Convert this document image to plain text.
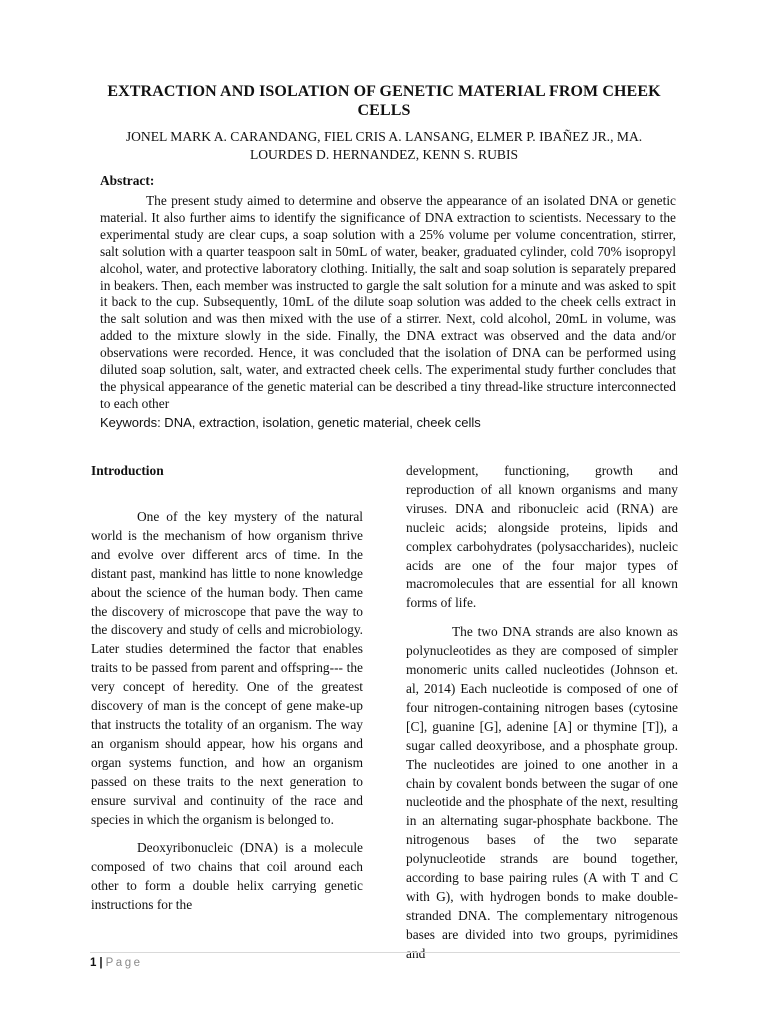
EXTRACTION AND ISOLATION OF GENETIC MATERIAL FROM CHEEK CELLS
JONEL MARK A. CARANDANG, FIEL CRIS A. LANSANG, ELMER P. IBAÑEZ JR., MA. LOURDES D. HERNANDEZ, KENN S. RUBIS
Abstract:

The present study aimed to determine and observe the appearance of an isolated DNA or genetic material. It also further aims to identify the significance of DNA extraction to scientists. Necessary to the experimental study are clear cups, a soap solution with a 25% volume per volume concentration, stirrer, salt solution with a quarter teaspoon salt in 50mL of water, beaker, graduated cylinder, cold 70% isopropyl alcohol, water, and protective laboratory clothing. Initially, the salt and soap solution is separately prepared in beakers. Then, each member was instructed to gargle the salt solution for a minute and was asked to spit it back to the cup. Subsequently, 10mL of the dilute soap solution was added to the cheek cells extract in the salt solution and was then mixed with the use of a stirrer. Next, cold alcohol, 20mL in volume, was added to the mixture slowly in the side. Finally, the DNA extract was observed and the data and/or observations were recorded. Hence, it was concluded that the isolation of DNA can be performed using diluted soap solution, salt, water, and extracted cheek cells. The experimental study further concludes that the physical appearance of the genetic material can be described a tiny thread-like structure interconnected to each other

Keywords: DNA, extraction, isolation, genetic material, cheek cells

Introduction

One of the key mystery of the natural world is the mechanism of how organism thrive and evolve over different arcs of time. In the distant past, mankind has little to none knowledge about the science of the human body. Then came the discovery of microscope that pave the way to the discovery and study of cells and microbiology. Later studies determined the factor that enables traits to be passed from parent and offspring--- the very concept of heredity. One of the greatest discovery of man is the concept of gene make-up that instructs the totality of an organism. The way an organism should appear, how his organs and organ systems function, and how an organism passed on these traits to the next generation to ensure survival and continuity of the race and species in which the organism is belonged to.

Deoxyribonucleic (DNA) is a molecule composed of two chains that coil around each other to form a double helix carrying genetic instructions for the

development, functioning, growth and reproduction of all known organisms and many viruses. DNA and ribonucleic acid (RNA) are nucleic acids; alongside proteins, lipids and complex carbohydrates (polysaccharides), nucleic acids are one of the four major types of macromolecules that are essential for all known forms of life.

The two DNA strands are also known as polynucleotides as they are composed of simpler monomeric units called nucleotides (Johnson et. al, 2014) Each nucleotide is composed of one of four nitrogen-containing nitrogen bases (cytosine [C], guanine [G], adenine [A] or thymine [T]), a sugar called deoxyribose, and a phosphate group. The nucleotides are joined to one another in a chain by covalent bonds between the sugar of one nucleotide and the phosphate of the next, resulting in an alternating sugar-phosphate backbone. The nitrogenous bases of the two separate polynucleotide strands are bound together, according to base pairing rules (A with T and C with G), with hydrogen bonds to make double-stranded DNA. The complementary nitrogenous bases are divided into two groups, pyrimidines and

1 | Page
